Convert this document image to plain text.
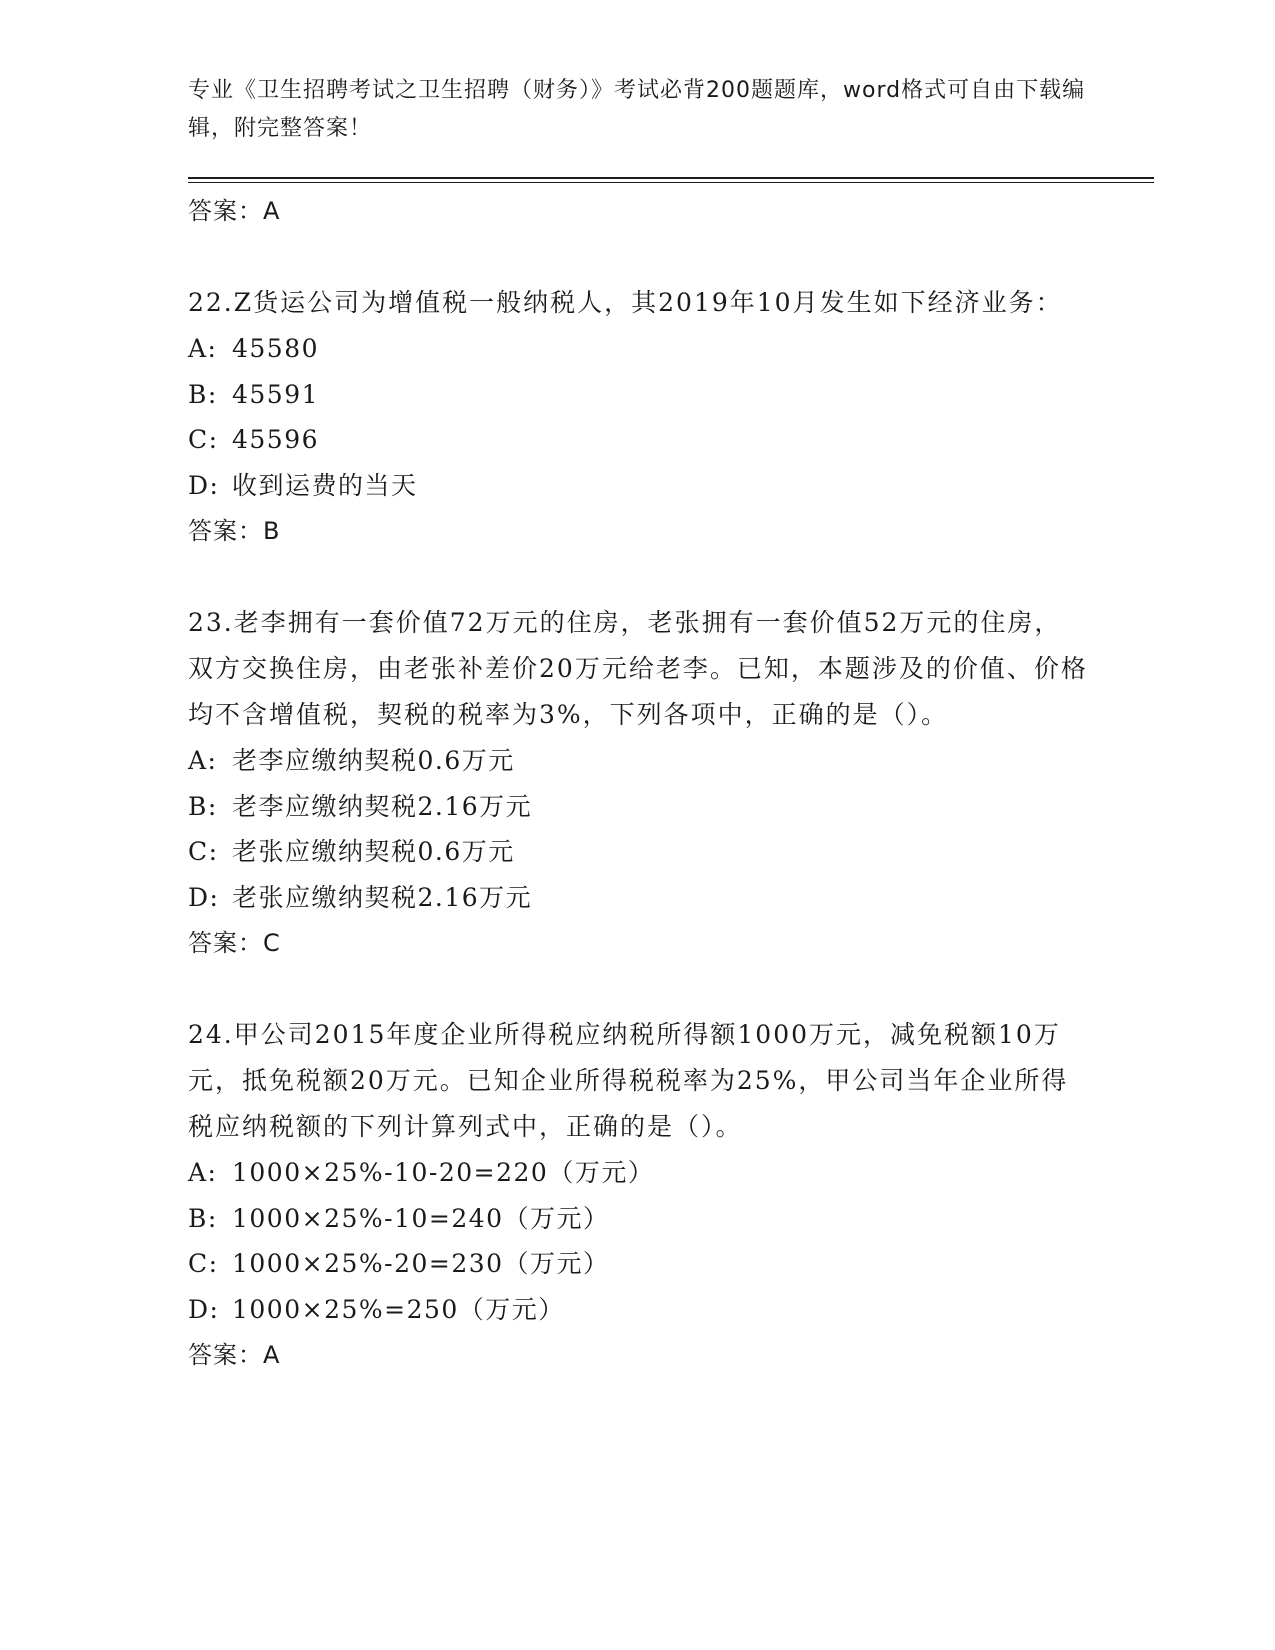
专业《卫生招聘考试之卫生招聘（财务）》考试必背200题题库，word格式可自由下载编辑，附完整答案！
答案：A
22.Z货运公司为增值税一般纳税人，其2019年10月发生如下经济业务：
A: 45580
B: 45591
C: 45596
D: 收到运费的当天
答案：B
23.老李拥有一套价值72万元的住房，老张拥有一套价值52万元的住房，双方交换住房，由老张补差价20万元给老李。已知，本题涉及的价值、价格均不含增值税，契税的税率为3%，下列各项中，正确的是（）。
A: 老李应缴纳契税0.6万元
B: 老李应缴纳契税2.16万元
C: 老张应缴纳契税0.6万元
D: 老张应缴纳契税2.16万元
答案：C
24.甲公司2015年度企业所得税应纳税所得额1000万元，减免税额10万元，抵免税额20万元。已知企业所得税税率为25%，甲公司当年企业所得税应纳税额的下列计算列式中，正确的是（）。
A: 1000×25%-10-20=220（万元）
B: 1000×25%-10=240（万元）
C: 1000×25%-20=230（万元）
D: 1000×25%=250（万元）
答案：A
